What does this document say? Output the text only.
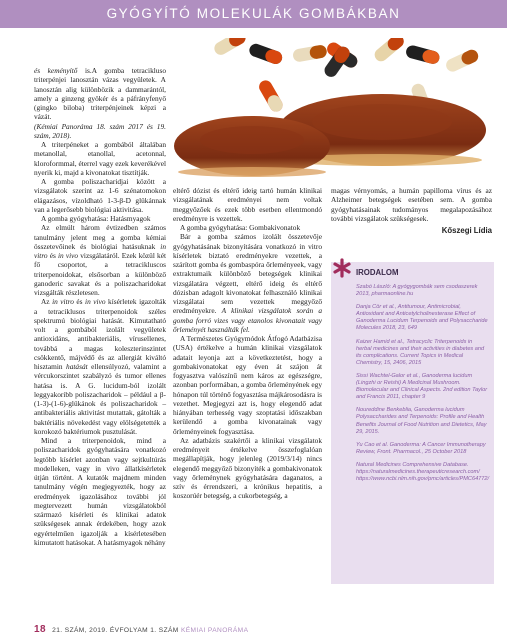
GYÓGYÍTÓ MOLEKULÁK GOMBÁKBAN

és keményítő is.A gomba tetracikluso triterpénjei lanosztán vázas vegyületek. A lanosztán alig különbözik a dammarántól, amely a ginzeng gyökér és a páfrányfenyő (gingko biloba) triterpénjeinek képzi a vázát.

(Kémiai Panoráma 18. szám 2017 és 19. szám, 2018).

A triterpéneket a gombából általában metanollal, etanollal, acetonnal, kloroformmal, éterrel vagy ezek keverékével nyerik ki, majd a kivonatokat tisztítják.

A gomba poliszacharidjai között a vizsgálatok szerint az 1-6 szénatomokon elágazásos, vízoldható 1-3-β-D glükánnak van a legerősebb biológiai aktivitása.

A gomba gyógyhatása: Hatásmyagok

Az elmúlt három évtizedben számos tanulmány jelent meg a gomba kémiai összetevőinek és biológiai hatásuknak in vitro és in vivo vizsgálatáról. Ezek közül két fő csoportot, a tetracikluscos triterpenoidokat, elsősorban a különböző ganoderic savakat és a poliszacharidokat vizsgálták részletesen.

Az in vitro és in vivo kísérletek igazolták a tetraciklusos triterpenoidok széles spektrumú biológiai hatását. Kimutatható volt a gombából izolált vegyületek antioxidáns, antibakteriális, vírusellenes, továbbá a magas koleszterinszintet csökkentő, májvédő és az allergiát kiváltó hisztamin hatását ellensúlyozó, valamint a vércukorszintet szabályzó és tumor ellenes hatása is. A G. lucidum-ból izolált leggyakoribb poliszacharidok – például a β-(1-3)-(1-6)-glükánok és poliszacharidok – antibakteriális aktivitást mutattak, gátolták a baktériális növekedést vagy elölségetették a korokozó baktériumok pusztulását.

Mind a triterpenoidok, mind a poliszacharidok gyógyhatására vonatkozó legtöbb kísérlet azonban vagy sejtkultúrás modelleken, vagy in vivo állatkísérletek útján történt. A kutatók majdnem minden tanulmány végén megjegyezték, hogy az eredmények igazolásához további jól megtervezett humán vizsgálatokból származó kísérleti és klinikai adatok szükségesek annak érdekében, hogy azok egyértelműen igazolják a kísérletesében kimutatott hatásokat. A hatásmyagok néhány

eltérő dózist és eltérő ideig tartó humán klinikai vizsgálatának eredményei nem voltak meggyőzőek és ezek több esetben ellentmondó eredményre is vezettek.

A gomba gyógyhatása: Gombakivonatok

Bár a gomba számos izolált összetevője gyógyhatásának bizonyítására vonatkozó in vitro kísérletek biztató eredményekre vezettek, a szárított gomba és gombaspóra őrleményeek, vagy extraktumaik különböző betegségek klinikai vizsgálatára végzett, eltérő ideig és eltérő dózisban adagolt kivonatokat felhasználó klinikai vizsgálatai sem vezettek meggyőző eredményekre. A klinikai vizsgálatok során a gomba forró vizes vagy etanolos kivonatait vagy őrleményét használták fel.

A Természetes Gyógymódok Átfogó Adatbázisa (USA) értékelve a humán klinikai vizsgálatok adatait leyonja azt a következtetést, hogy a gombakivonatokat egy éven át szájon át fogyasztva valószínű nem káros az egészségre, azonban porformában, a gomba őrleményének egy hónapon túl történő fogyasztása májkárosodásra is vezethet. Megjegyzi azt is, hogy elegendő adat hiányában terhesség vagy szoptatási időszakban kerülendő a gomba kivonatainak vagy őrleményeinek fogyasztása.

Az adatbázis szakértői a klinikai vizsgálatok eredményeit értékelve összefoglalóan megállapítják, hogy jelenleg (2019/3/14) nincs elegendő meggyőző bizonyíték a gombakivonatok vagy őrleménynek gyógyhatására daganatos, a szív és érrendszeri, a krónikus hepatitis, a koszorúér betegség, a cukorbetegség, a

magas vérnyomás, a humán papilloma vírus és az Alzheimer betegségek esetében sem. A gomba gyógyhatásainak tudományos megalapozásához további vizsgálatok szükségesek.

Kőszegi Lídia
IRODALOM

Szabó László: A gyógygombák sem csodaszerek 2013, pharmaonline.hu

Danja Cör et al., Antitumour, Antimicrobial, Antioxidant and Anticetylcholinesterase Effect of Ganoderma Lucidum Terpenoids and Polysaccharide Molecules 2018, 23, 649

Kaizer Hamid et al., Tetracyclic Triterpenoids in herbal medicines and their activities in diabetes and its complications. Current Topics in Medical Chemistry, 15, 2406, 2015

Sissi Wachtel-Galor et al., Ganoderma lucidum (Lingzhi or Reishi) A Medicinal Mushroom. Biomolecular and Clinical Aspects. 2nd edition Taylor and Francis 2011, chapter 9

Noureddine Benkeblia, Ganoderma lucidum Polysaccharides and Terpenoids: Profile and Health Benefits Journal of Food Nutrition and Dietetics, May 29, 2015.

Yu Cao et al. Ganoderma: A Cancer Immunotherapy Review, Front. Pharmacol., 25 October 2018

Natural Medicines Comprehensive Database. https://naturalmedicines.therapeuticresearch.com/ https://www.ncbi.nlm.nih.gov/pmc/articles/PMC64772/

18 21. SZÁM, 2019. ÉVFOLYAM 1. SZÁM KÉMIAI PANORÁMA
